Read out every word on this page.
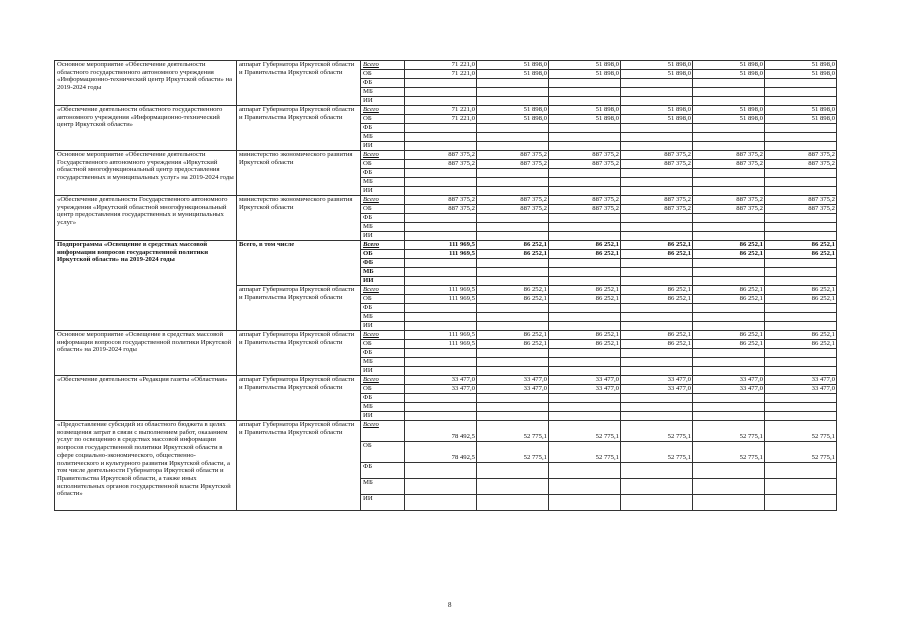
Основное мероприятие «Обеспечение деятельности областного государственного автономного учреждения «Информационно-технический центр Иркутской области» на 2019-2024 годы	аппарат Губернатора Иркутской области и Правительства Иркутской области	Всего	71 221,0	51 898,0	51 898,0	51 898,0	51 898,0	51 898,0
		ОБ	71 221,0	51 898,0	51 898,0	51 898,0	51 898,0	51 898,0
		ФБ						
		МБ						
		ИИ						
«Обеспечение деятельности областного государственного автономного учреждения «Информационно-технический центр Иркутской области»	аппарат Губернатора Иркутской области и Правительства Иркутской области	Всего	71 221,0	51 898,0	51 898,0	51 898,0	51 898,0	51 898,0
		ОБ	71 221,0	51 898,0	51 898,0	51 898,0	51 898,0	51 898,0
		ФБ						
		МБ						
		ИИ						
Основное мероприятие «Обеспечение деятельности Государственного автономного учреждения «Иркутский областной многофункциональный центр предоставления государственных и муниципальных услуг» на 2019-2024 годы	министерство экономического развития Иркутской области	Всего	887 375,2	887 375,2	887 375,2	887 375,2	887 375,2	887 375,2
		ОБ	887 375,2	887 375,2	887 375,2	887 375,2	887 375,2	887 375,2
		ФБ						
		МБ						
		ИИ						
«Обеспечение деятельности Государственного автономного учреждения «Иркутский областной многофункциональный центр предоставления государственных и муниципальных услуг»	министерство экономического развития Иркутской области	Всего	887 375,2	887 375,2	887 375,2	887 375,2	887 375,2	887 375,2
		ОБ	887 375,2	887 375,2	887 375,2	887 375,2	887 375,2	887 375,2
		ФБ						
		МБ						
		ИИ						
Подпрограмма «Освещение в средствах массовой информации вопросов государственной политики Иркутской области» на 2019-2024 годы	Всего, в том числе	Всего	111 969,5	86 252,1	86 252,1	86 252,1	86 252,1	86 252,1
		ОБ	111 969,5	86 252,1	86 252,1	86 252,1	86 252,1	86 252,1
		ФБ						
		МБ						
		ИИ						
	аппарат Губернатора Иркутской области и Правительства Иркутской области	Всего	111 969,5	86 252,1	86 252,1	86 252,1	86 252,1	86 252,1
		ОБ	111 969,5	86 252,1	86 252,1	86 252,1	86 252,1	86 252,1
		ФБ						
		МБ						
		ИИ						
Основное мероприятие «Освещение в средствах массовой информации вопросов государственной политики Иркутской области» на 2019-2024 годы	аппарат Губернатора Иркутской области и Правительства Иркутской области	Всего	111 969,5	86 252,1	86 252,1	86 252,1	86 252,1	86 252,1
		ОБ	111 969,5	86 252,1	86 252,1	86 252,1	86 252,1	86 252,1
		ФБ						
		МБ						
		ИИ						
«Обеспечение деятельности «Редакция газеты «Областная»	аппарат Губернатора Иркутской области и Правительства Иркутской области	Всего	33 477,0	33 477,0	33 477,0	33 477,0	33 477,0	33 477,0
		ОБ	33 477,0	33 477,0	33 477,0	33 477,0	33 477,0	33 477,0
		ФБ						
		МБ						
		ИИ						
«Предоставление субсидий из областного бюджета в целях возмещения затрат в связи с выполнением работ, оказанием услуг по освещению в средствах массовой информации вопросов государственной политики Иркутской области в сфере социально-экономического, общественно-политического и культурного развития Иркутской области, а том числе деятельности Губернатора Иркутской области и Правительства Иркутской области, а также иных исполнительных органов государственной власти Иркутской области»	аппарат Губернатора Иркутской области и Правительства Иркутской области	Всего	78 492,5	52 775,1	52 775,1	52 775,1	52 775,1	52 775,1
		ОБ	78 492,5	52 775,1	52 775,1	52 775,1	52 775,1	52 775,1
		ФБ						
		МБ						
		ИИ						
8
